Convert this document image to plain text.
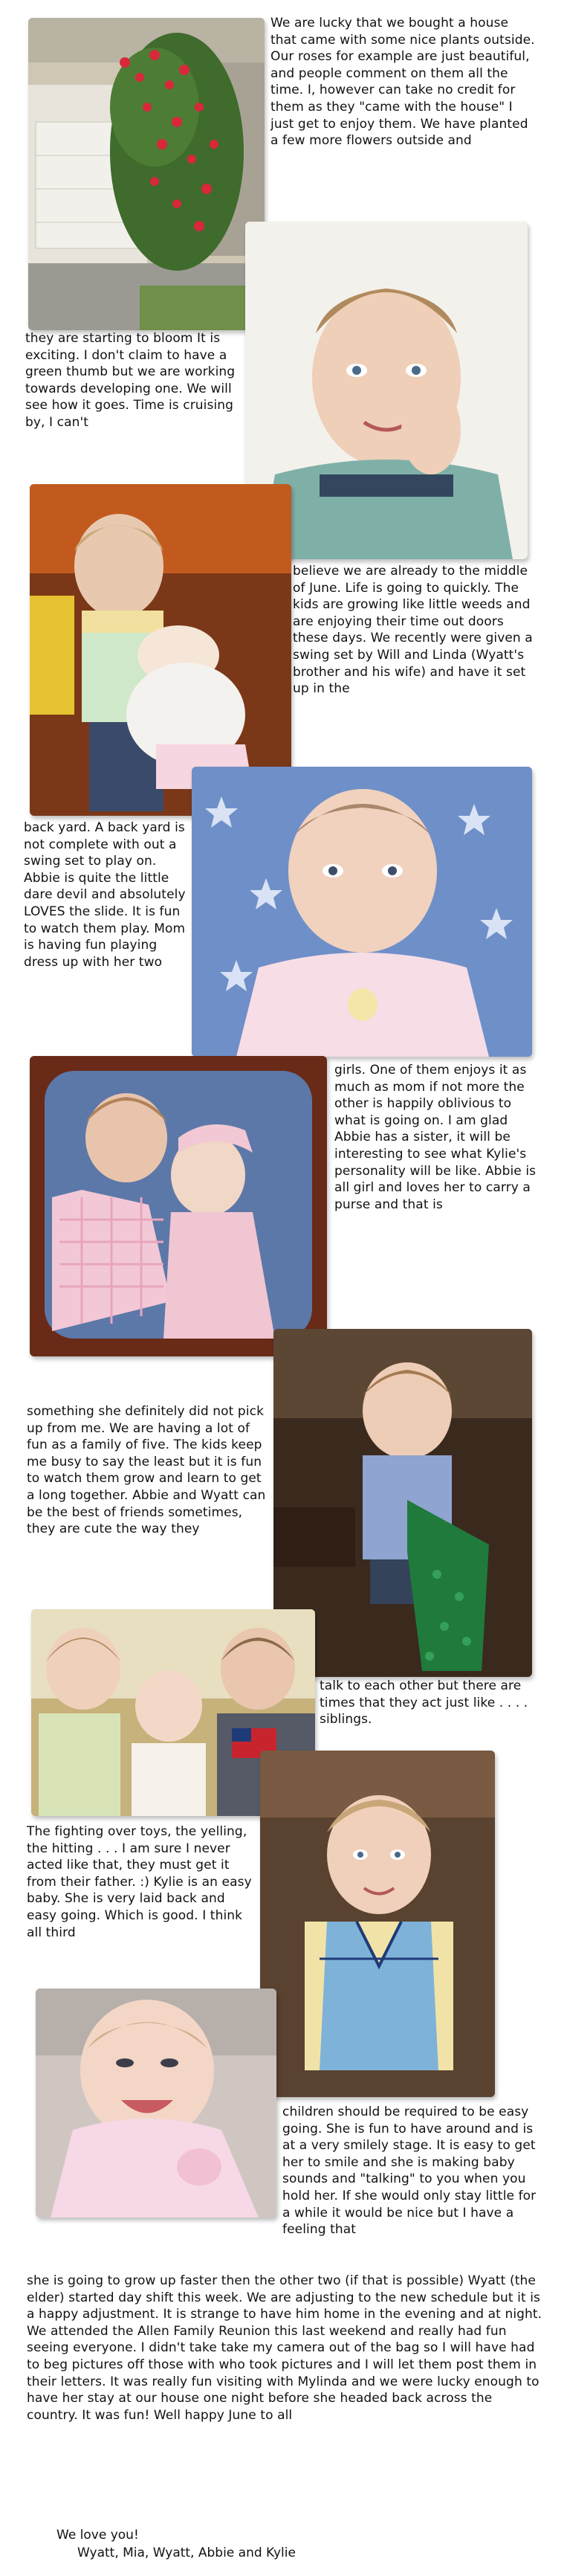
We are lucky that we bought a house that came with some nice plants outside. Our roses for example are just beautiful, and people comment on them all the time. I, however can take no credit for them as they "came with the house" I just get to enjoy them. We have planted a few more flowers outside and
they are starting to bloom It is exciting. I don't claim to have a green thumb but we are working towards developing one. We will see how it goes. Time is cruising by, I can't
believe we are already to the middle of June. Life is going to quickly. The kids are growing like little weeds and are enjoying their time out doors these days. We recently were given a swing set by Will and Linda (Wyatt's brother and his wife) and have it set up in the
back yard. A back yard is not complete with out a swing set to play on. Abbie is quite the little dare devil and absolutely LOVES the slide. It is fun to watch them play. Mom is having fun playing dress up with her two
girls. One of them enjoys it as much as mom if not more the other is happily oblivious to what is going on. I am glad Abbie has a sister, it will be interesting to see what Kylie's personality will be like. Abbie is all girl and loves her to carry a purse and that is
something she definitely did not pick up from me. We are having a lot of fun as a family of five. The kids keep me busy to say the least but it is fun to watch them grow and learn to get a long together. Abbie and Wyatt can be the best of friends sometimes, they are cute the way they
talk to each other but there are times that they act just like . . . . siblings.
The fighting over toys, the yelling, the hitting . . . I am sure I never acted like that, they must get it from their father. :) Kylie is an easy baby. She is very laid back and easy going. Which is good. I think all third
children should be required to be easy going. She is fun to have around and is at a very smilely stage. It is easy to get her to smile and she is making baby sounds and "talking" to you when you hold her. If she would only stay little for a while it would be nice but I have a feeling that
she is going to grow up faster then the other two (if that is possible) Wyatt (the elder) started day shift this week. We are adjusting to the new schedule but it is a happy adjustment. It is strange to have him home in the evening and at night. We attended the Allen Family Reunion this last weekend and really had fun seeing everyone. I didn't take take my camera out of the bag so I will have had to beg pictures off those with who took pictures and I will let them post them in their letters. It was really fun visiting with Mylinda and we were lucky enough to have her stay at our house one night before she headed back across the country. It was fun! Well happy June to all
We love you!
Wyatt, Mia, Wyatt, Abbie and Kylie
